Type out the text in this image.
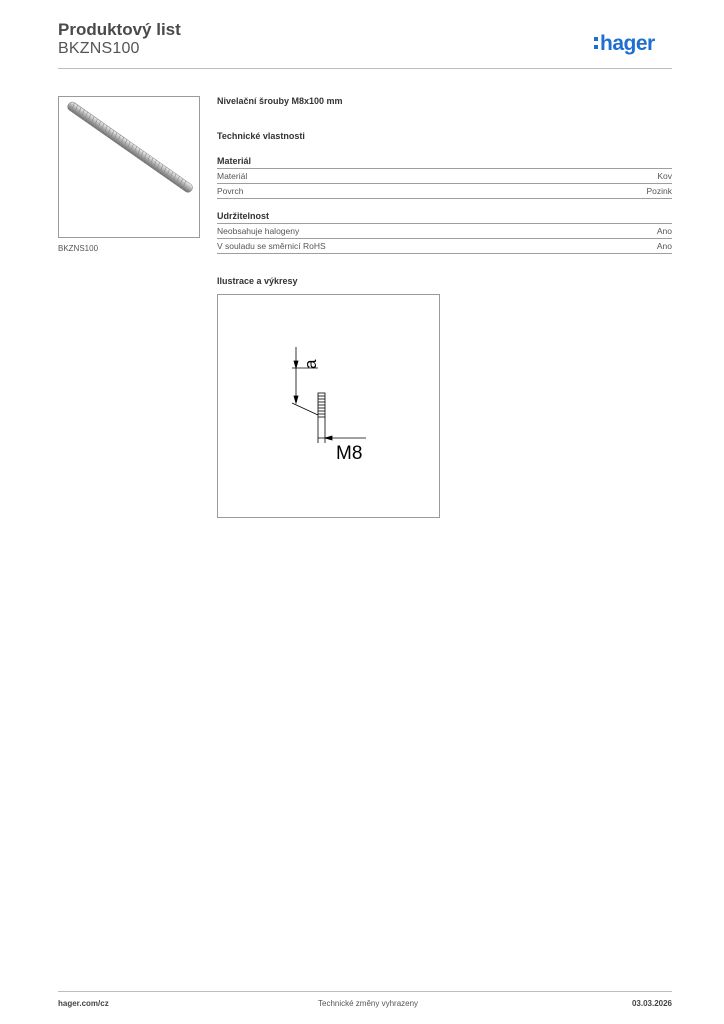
Produktový list
BKZNS100	hager
BKZNS100
Nivelační šrouby M8x100 mm
Technické vlastnosti
Materiál
Materiál	Kov
Povrch	Pozink
Udržitelnost
Neobsahuje halogeny	Ano
V souladu se směrnicí RoHS	Ano
Ilustrace a výkresy
a
M8
hager.com/cz	Technické změny vyhrazeny	03.03.2026
